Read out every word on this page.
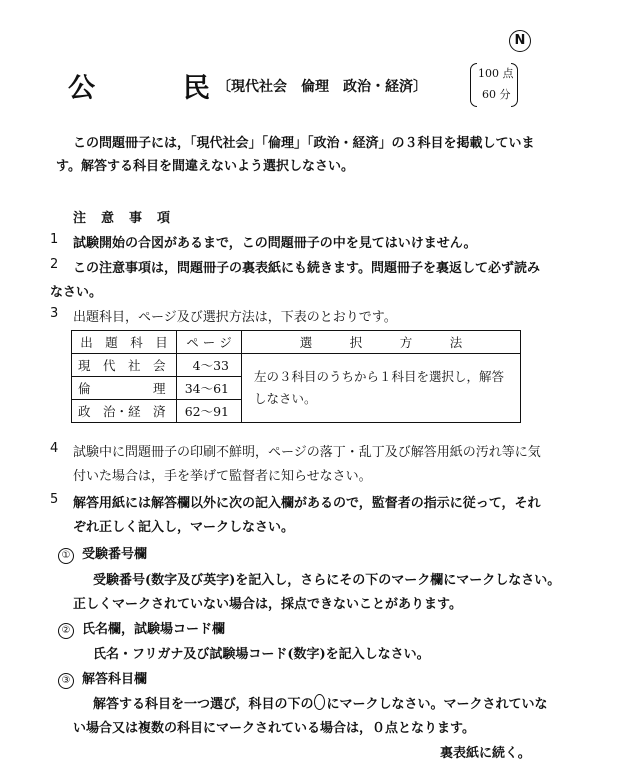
N
公	民 〔現代社会　倫理　政治・経済〕
100 点
60 分
この問題冊子には，「現代社会」「倫理」「政治・経済」の３科目を掲載していま
す。解答する科目を間違えないよう選択しなさい。
注　意　事　項
1 試験開始の合図があるまで，この問題冊子の中を見てはいけません。
2 この注意事項は，問題冊子の裏表紙にも続きます。問題冊子を裏返して必ず読み
なさい。
3 出題科目，ページ及び選択方法は，下表のとおりです。
出　題　科　目	ペ ー ジ	選　　　択　　　方　　　法
現　代　社　会	4〜33	左の３科目のうちから１科目を選択し，解答しなさい。
倫　　　　　理	34〜61	
政　治・経　済	62〜91	
4 試験中に問題冊子の印刷不鮮明，ページの落丁・乱丁及び解答用紙の汚れ等に気
付いた場合は，手を挙げて監督者に知らせなさい。
5 解答用紙には解答欄以外に次の記入欄があるので，監督者の指示に従って，それ
ぞれ正しく記入し，マークしなさい。
① 受験番号欄
受験番号(数字及び英字)を記入し，さらにその下のマーク欄にマークしなさい。
正しくマークされていない場合は，採点できないことがあります。
② 氏名欄，試験場コード欄
氏名・フリガナ及び試験場コード(数字)を記入しなさい。
③ 解答科目欄
解答する科目を一つ選び，科目の下の にマークしなさい。マークされていな
い場合又は複数の科目にマークされている場合は，０点となります。
裏表紙に続く。
